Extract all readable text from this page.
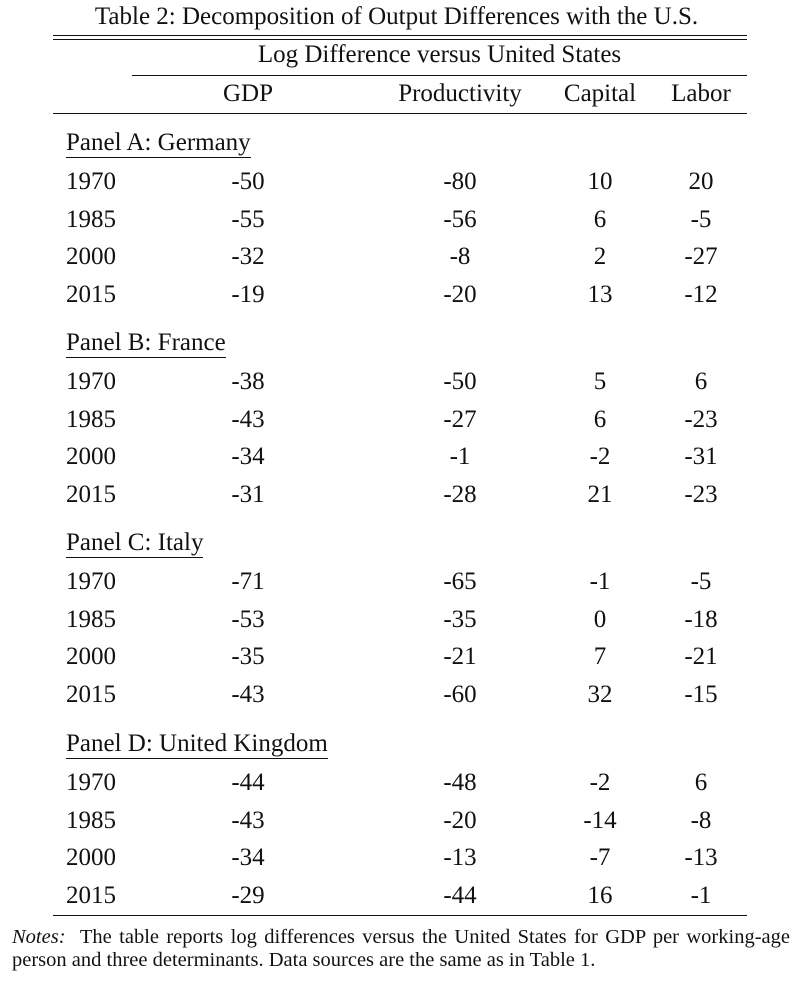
Table 2: Decomposition of Output Differences with the U.S.
Log Difference versus United States
GDP	Productivity	Capital	Labor
Panel A: Germany
1970	-50	-80	10	20
1985	-55	-56	6	-5
2000	-32	-8	2	-27
2015	-19	-20	13	-12
Panel B: France
1970	-38	-50	5	6
1985	-43	-27	6	-23
2000	-34	-1	-2	-31
2015	-31	-28	21	-23
Panel C: Italy
1970	-71	-65	-1	-5
1985	-53	-35	0	-18
2000	-35	-21	7	-21
2015	-43	-60	32	-15
Panel D: United Kingdom
1970	-44	-48	-2	6
1985	-43	-20	-14	-8
2000	-34	-13	-7	-13
2015	-29	-44	16	-1
Notes: The table reports log differences versus the United States for GDP per working-age person and three determinants. Data sources are the same as in Table 1.
